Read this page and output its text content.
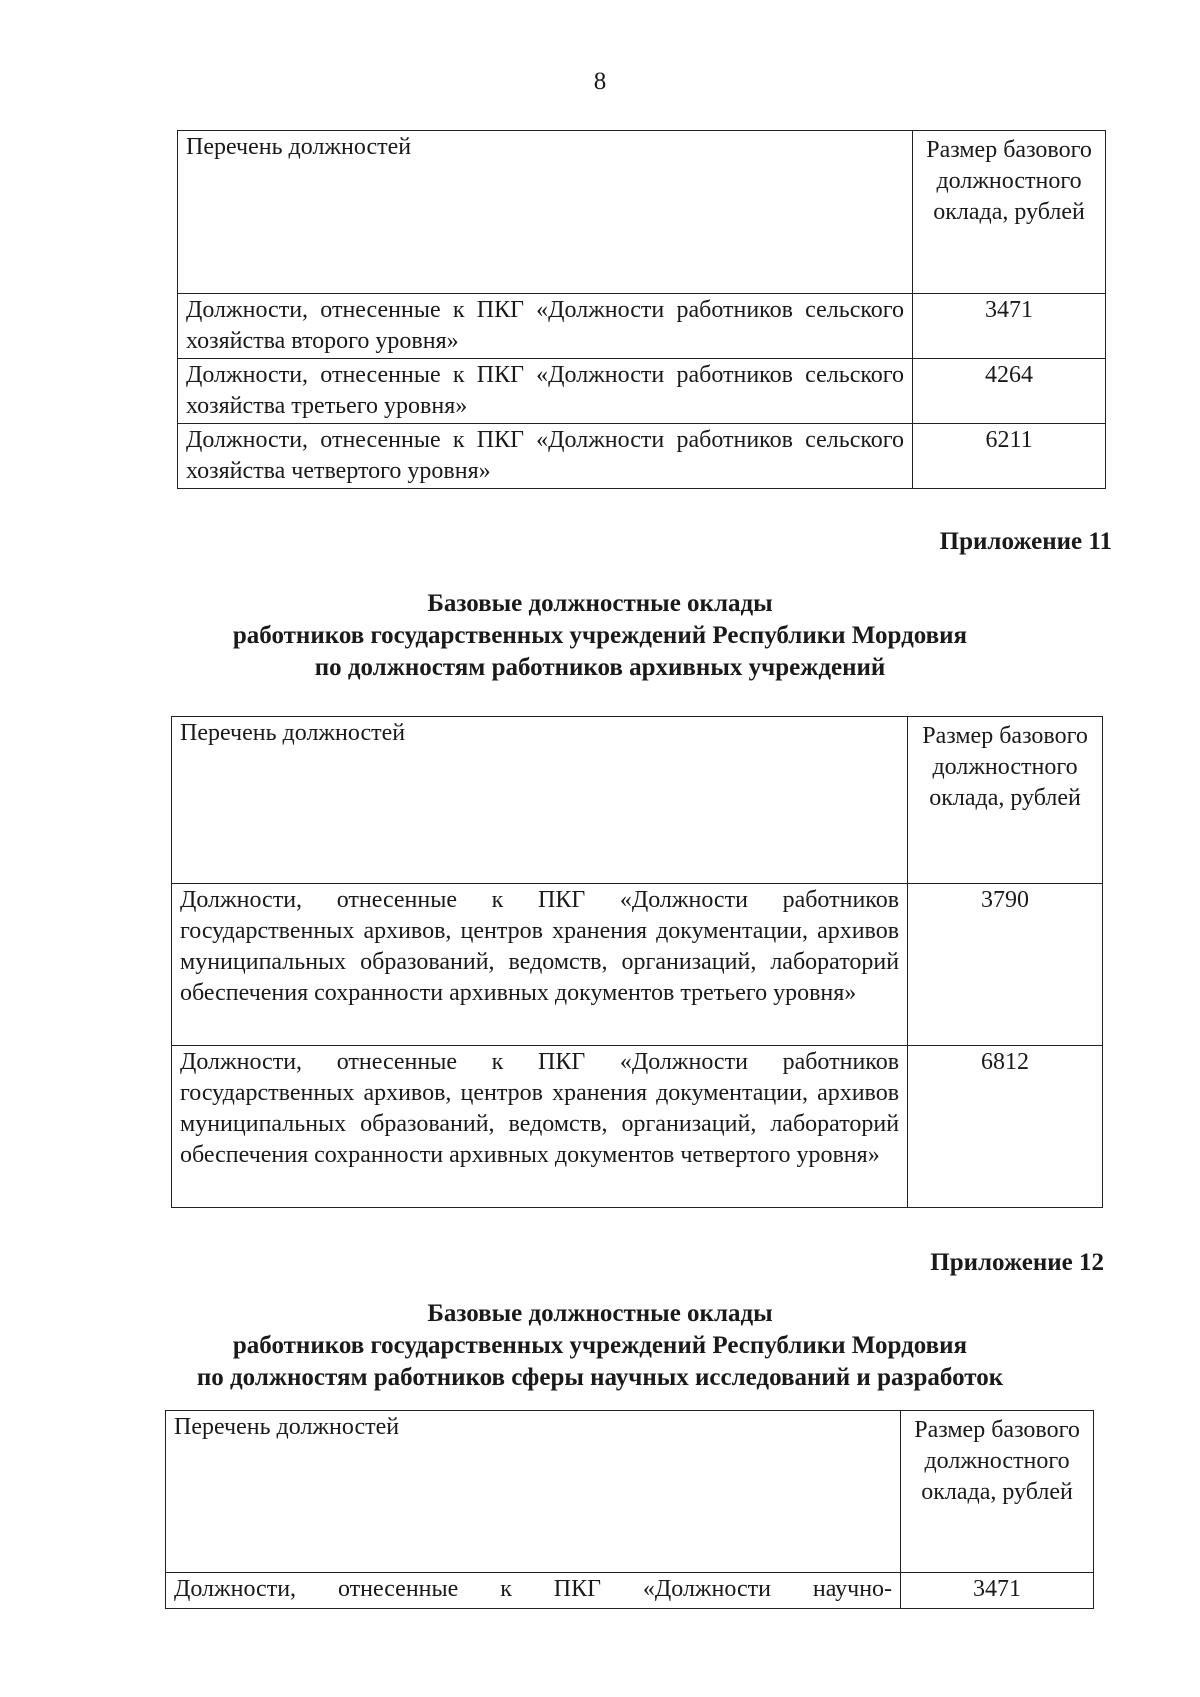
8
Перечень должностей	Размер базового должностного оклада, рублей
Должности, отнесенные к ПКГ «Должности работников сельского хозяйства второго уровня»	3471
Должности, отнесенные к ПКГ «Должности работников сельского хозяйства третьего уровня»	4264
Должности, отнесенные к ПКГ «Должности работников сельского хозяйства четвертого уровня»	6211
Приложение 11
Базовые должностные оклады
работников государственных учреждений Республики Мордовия
по должностям работников архивных учреждений
Перечень должностей	Размер базового должностного оклада, рублей
Должности, отнесенные к ПКГ «Должности работников государственных архивов, центров хранения документации, архивов муниципальных образований, ведомств, организаций, лабораторий обеспечения сохранности архивных документов третьего уровня»	3790
Должности, отнесенные к ПКГ «Должности работников государственных архивов, центров хранения документации, архивов муниципальных образований, ведомств, организаций, лабораторий обеспечения сохранности архивных документов четвертого уровня»	6812
Приложение 12
Базовые должностные оклады
работников государственных учреждений Республики Мордовия
по должностям работников сферы научных исследований и разработок
Перечень должностей	Размер базового должностного оклада, рублей
Должности, отнесенные к ПКГ «Должности научно-	3471
